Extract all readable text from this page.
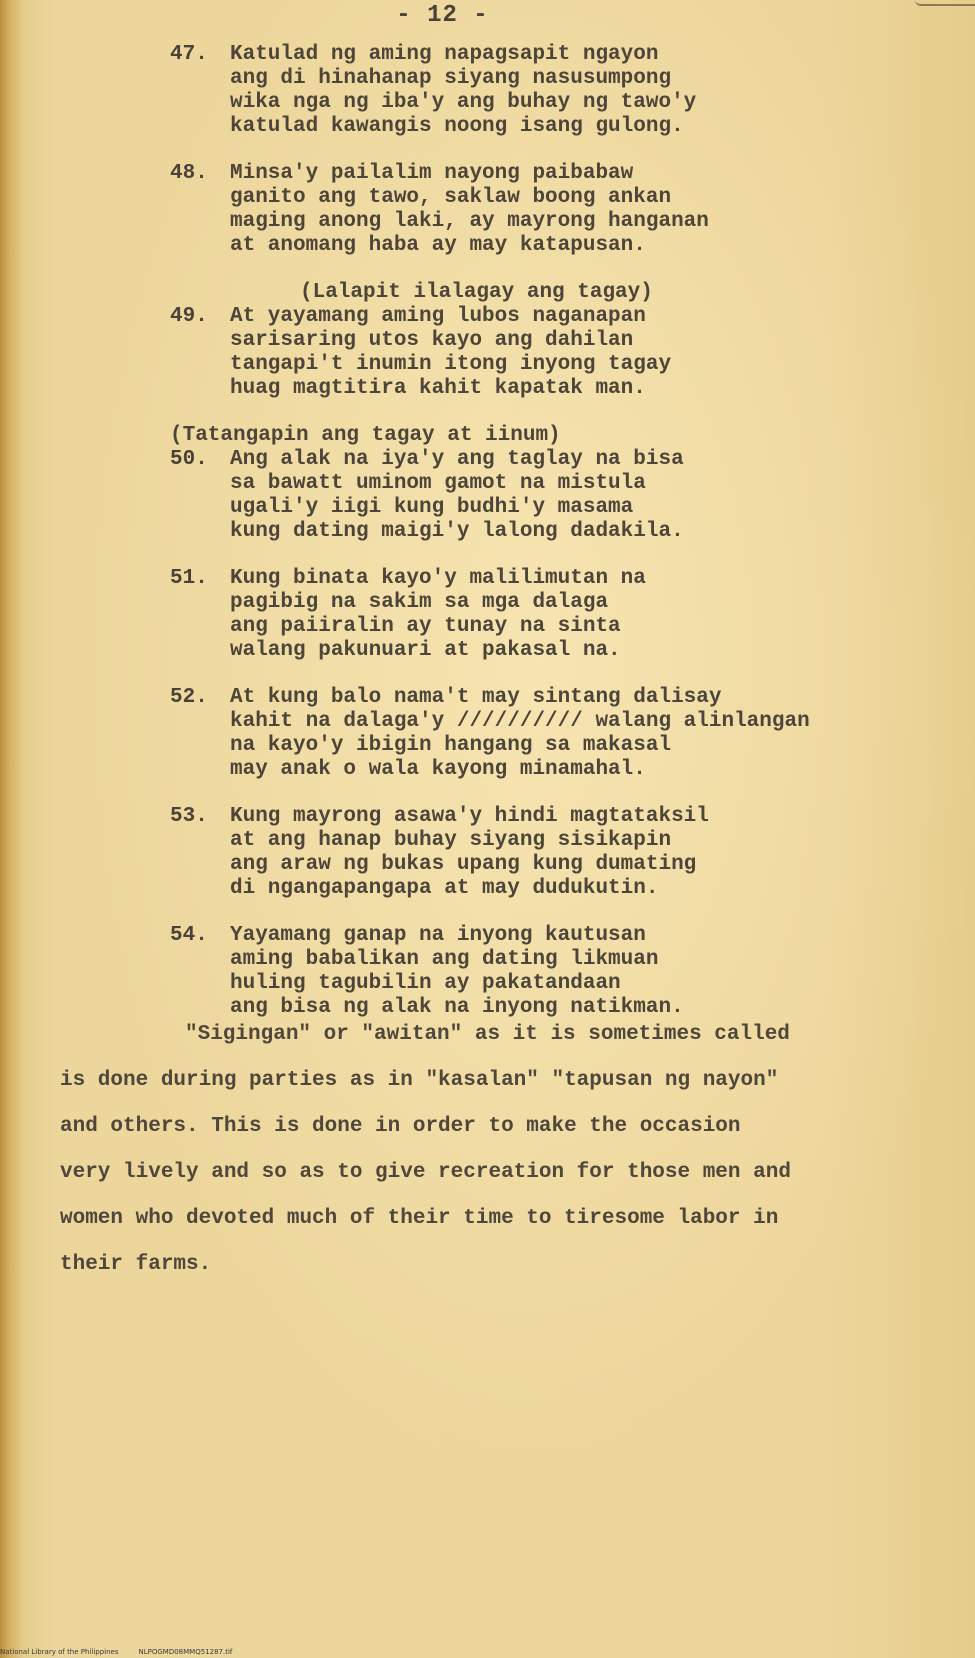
- 12 -
47. Katulad ng aming napagsapit ngayon
ang di hinahanap siyang nasusumpong
wika nga ng iba'y ang buhay ng tawo'y
katulad kawangis noong isang gulong.
48. Minsa'y pailalim nayong paibabaw
ganito ang tawo, saklaw boong ankan
maging anong laki, ay mayrong hanganan
at anomang haba ay may katapusan.
(Lalapit ilalagay ang tagay)
49. At yayamang aming lubos naganapan
sarisaring utos kayo ang dahilan
tangapi't inumin itong inyong tagay
huag magtitira kahit kapatak man.
(Tatangapin ang tagay at iinum)
50. Ang alak na iya'y ang taglay na bisa
sa bawatt uminom gamot na mistula
ugali'y iigi kung budhi'y masama
kung dating maigi'y lalong dadakila.
51. Kung binata kayo'y malilimutan na
pagibig na sakim sa mga dalaga
ang paiiralin ay tunay na sinta
walang pakunuari at pakasal na.
52. At kung balo nama't may sintang dalisay
kahit na dalaga'y ////////// walang alinlangan
na kayo'y ibigin hangang sa makasal
may anak o wala kayong minamahal.
53. Kung mayrong asawa'y hindi magtataksil
at ang hanap buhay siyang sisikapin
ang araw ng bukas upang kung dumating
di ngangapangapa at may dudukutin.
54. Yayamang ganap na inyong kautusan
aming babalikan ang dating likmuan
huling tagubilin ay pakatandaan
ang bisa ng alak na inyong natikman.
"Sigingan" or "awitan" as it is sometimes called
is done during parties as in "kasalan" "tapusan ng nayon"
and others. This is done in order to make the occasion
very lively and so as to give recreation for those men and
women who devoted much of their time to tiresome labor in
their farms.
National Library of the Philippines	NLPOGMD08MMQ51287.tif
